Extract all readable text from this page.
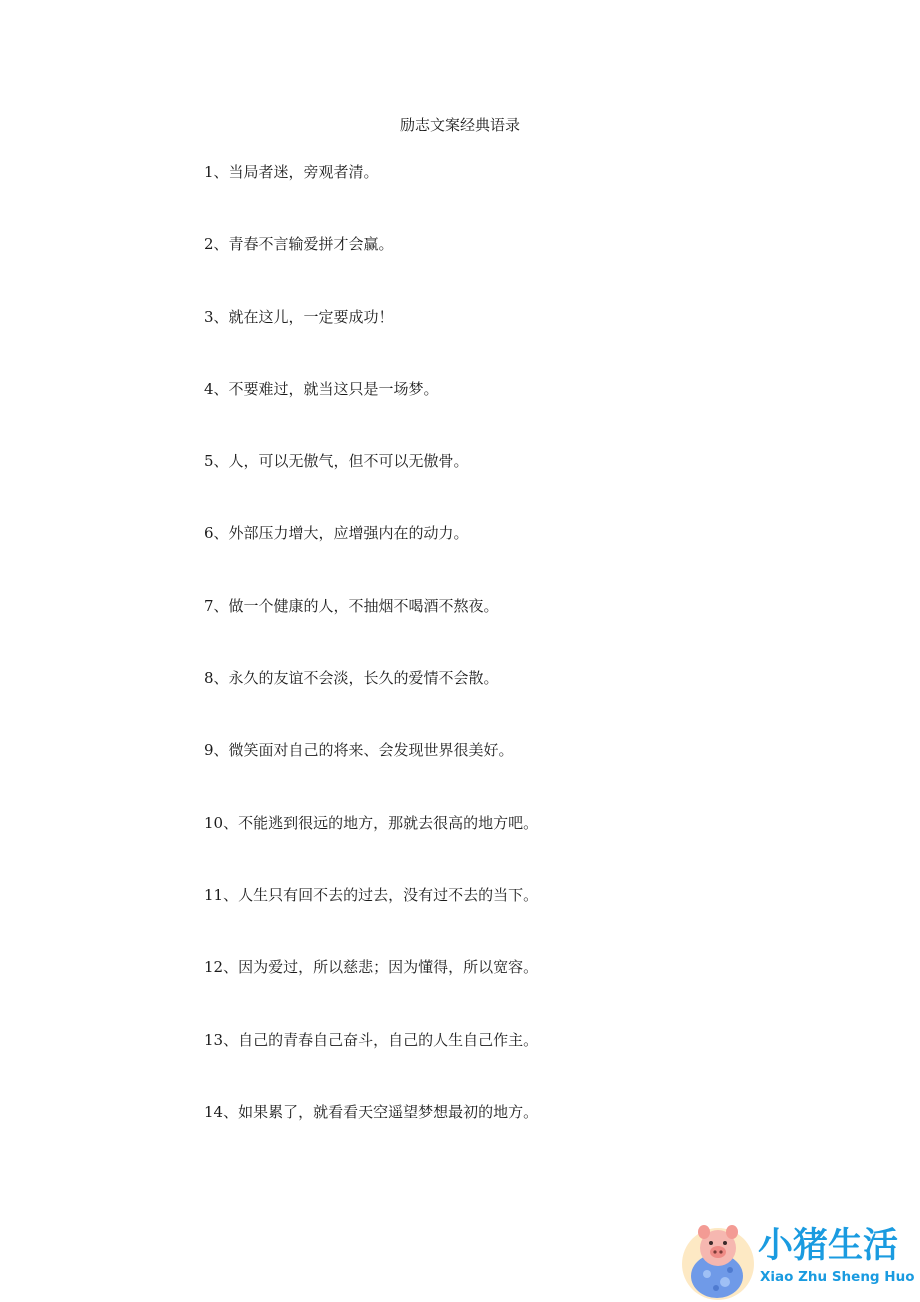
励志文案经典语录
1、当局者迷，旁观者清。
2、青春不言输爱拼才会赢。
3、就在这儿，一定要成功！
4、不要难过，就当这只是一场梦。
5、人，可以无傲气，但不可以无傲骨。
6、外部压力增大，应增强内在的动力。
7、做一个健康的人，不抽烟不喝酒不熬夜。
8、永久的友谊不会淡，长久的爱情不会散。
9、微笑面对自己的将来、会发现世界很美好。
10、不能逃到很远的地方，那就去很高的地方吧。
11、人生只有回不去的过去，没有过不去的当下。
12、因为爱过，所以慈悲；因为懂得，所以宽容。
13、自己的青春自己奋斗，自己的人生自己作主。
14、如果累了，就看看天空遥望梦想最初的地方。
小猪生活
Xiao Zhu Sheng Huo
